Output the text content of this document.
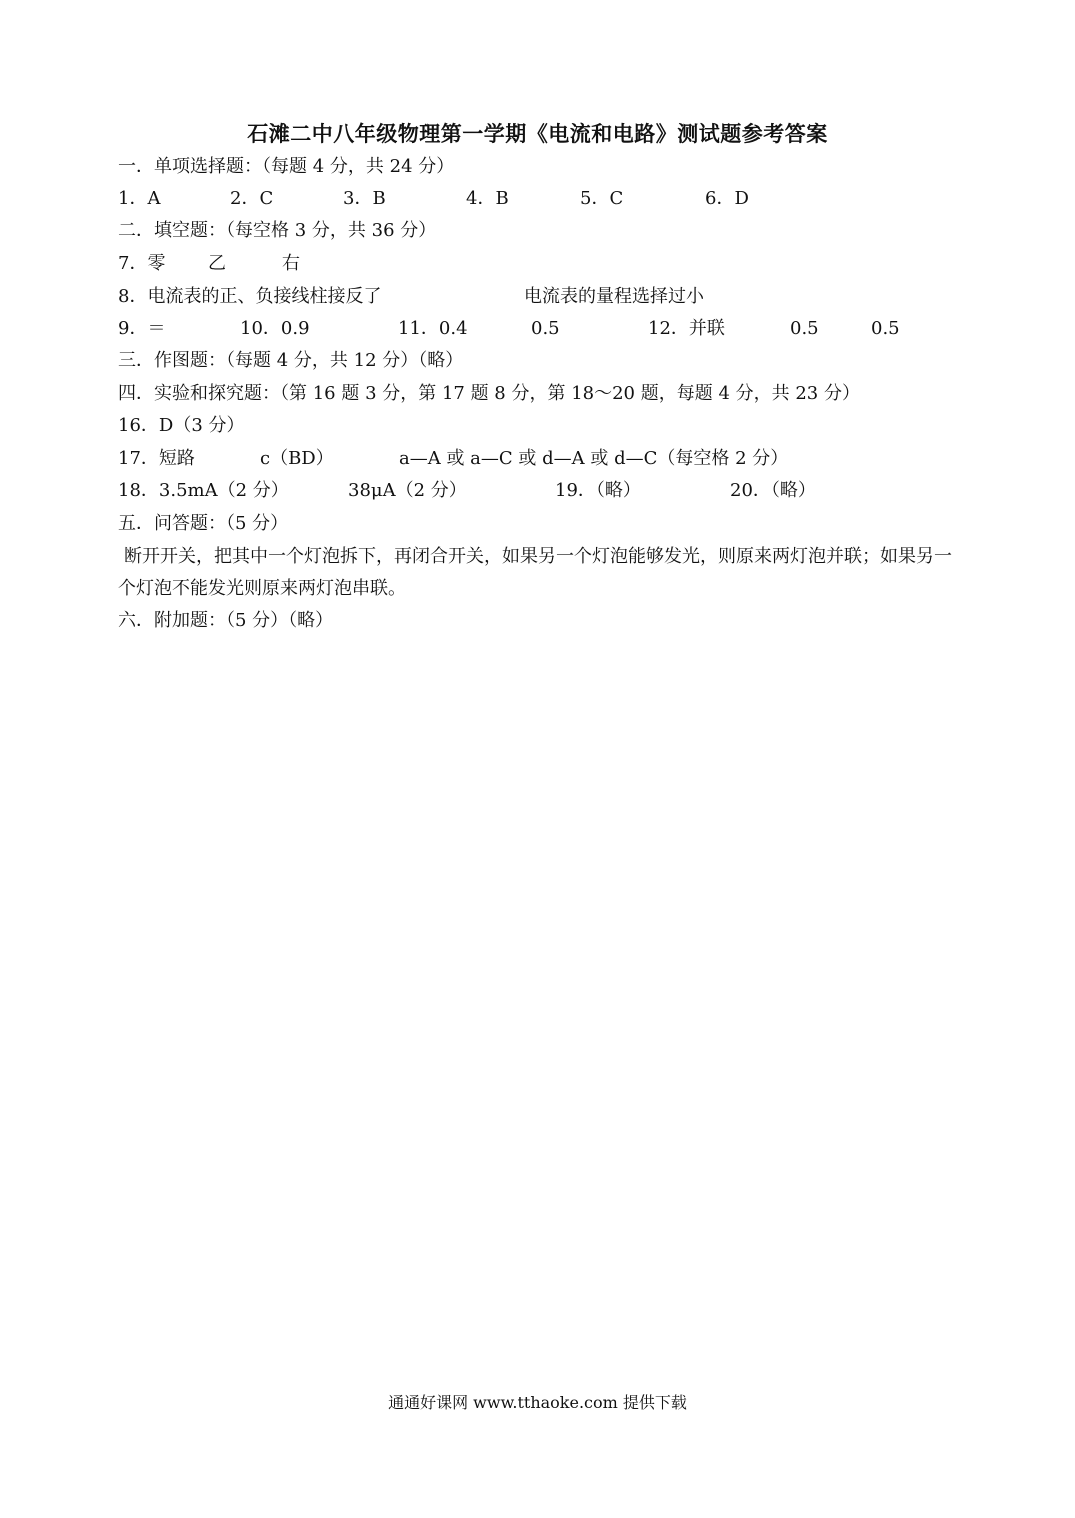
石滩二中八年级物理第一学期《电流和电路》测试题参考答案
一．单项选择题：（每题 4 分，共 24 分）
1．A	2．C	3．B	4．B	5．C	6．D
二．填空题：（每空格 3 分，共 36 分）
7．零 乙	右
8．电流表的正、负接线柱接反了	电流表的量程选择过小
9．＝	10．0.9	11．0.4	0.5	12．并联	0.5	0.5
三．作图题：（每题 4 分，共 12 分）（略）
四．实验和探究题：（第 16 题 3 分，第 17 题 8 分，第 18～20 题，每题 4 分，共 23 分）
16．D（3 分）
17．短路	c（BD）	a—A 或 a—C 或 d—A 或 d—C（每空格 2 分）
18．3.5mA（2 分）	38μA（2 分）	19．（略）	20．（略）
五．问答题：（5 分）
断开开关，把其中一个灯泡拆下，再闭合开关，如果另一个灯泡能够发光，则原来两灯泡并联；如果另一个灯泡不能发光则原来两灯泡串联。
六．附加题：（5 分）（略）
通通好课网 www.tthaoke.com 提供下载
